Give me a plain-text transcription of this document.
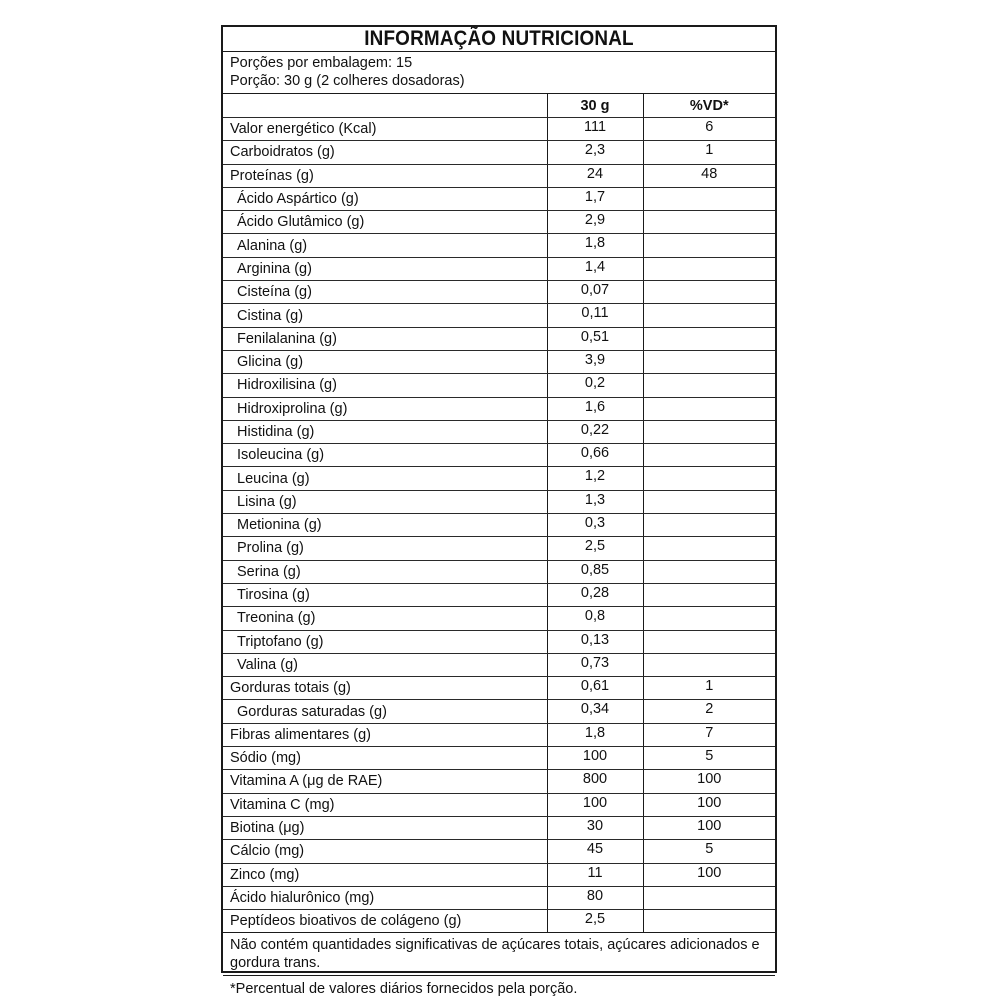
INFORMAÇÃO NUTRICIONAL
Porções por embalagem: 15
Porção: 30 g (2 colheres dosadoras)
	30 g	%VD*
Valor energético (Kcal)	111	6
Carboidratos (g)	2,3	1
Proteínas (g)	24	48
Ácido Aspártico (g)	1,7	
Ácido Glutâmico (g)	2,9	
Alanina (g)	1,8	
Arginina (g)	1,4	
Cisteína (g)	0,07	
Cistina (g)	0,11	
Fenilalanina (g)	0,51	
Glicina (g)	3,9	
Hidroxilisina (g)	0,2	
Hidroxiprolina (g)	1,6	
Histidina (g)	0,22	
Isoleucina (g)	0,66	
Leucina (g)	1,2	
Lisina (g)	1,3	
Metionina (g)	0,3	
Prolina (g)	2,5	
Serina (g)	0,85	
Tirosina (g)	0,28	
Treonina (g)	0,8	
Triptofano (g)	0,13	
Valina (g)	0,73	
Gorduras totais (g)	0,61	1
Gorduras saturadas (g)	0,34	2
Fibras alimentares (g)	1,8	7
Sódio (mg)	100	5
Vitamina A (μg de RAE)	800	100
Vitamina C (mg)	100	100
Biotina (μg)	30	100
Cálcio (mg)	45	5
Zinco (mg)	11	100
Ácido hialurônico (mg)	80	
Peptídeos bioativos de colágeno (g)	2,5	
Não contém quantidades significativas de açúcares totais, açúcares adicionados e gordura trans.
*Percentual de valores diários fornecidos pela porção.
